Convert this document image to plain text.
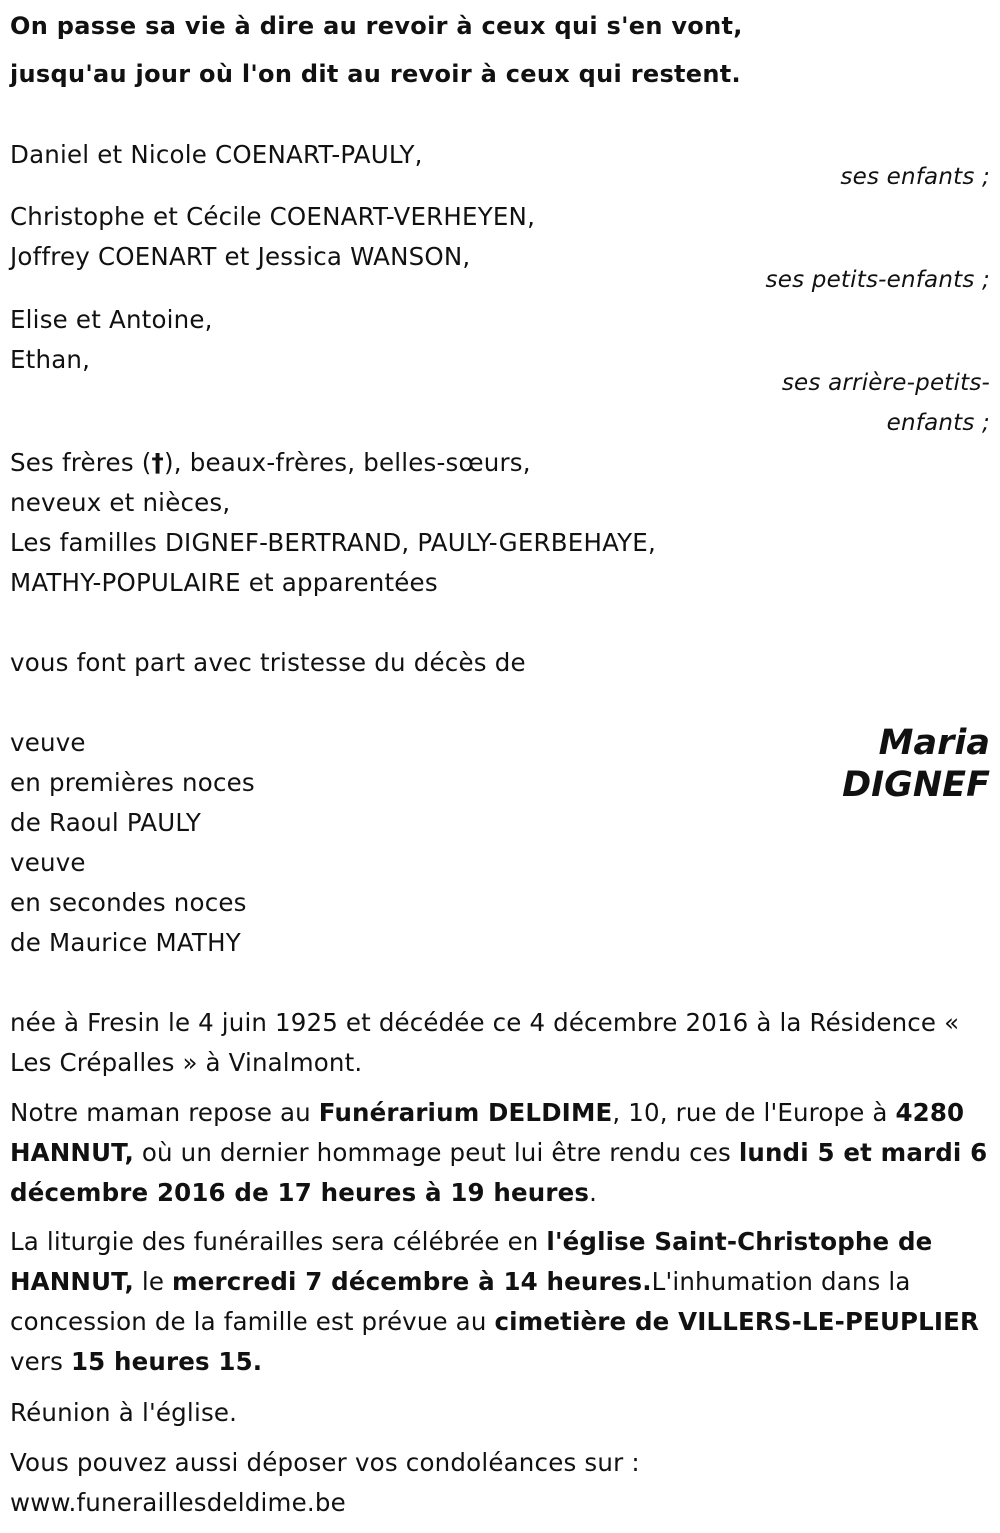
On passe sa vie à dire au revoir à ceux qui s'en vont,
jusqu'au jour où l'on dit au revoir à ceux qui restent.
Daniel et Nicole COENART-PAULY,
ses enfants ;
Christophe et Cécile COENART-VERHEYEN,
Joffrey COENART et Jessica WANSON,
ses petits-enfants ;
Elise et Antoine,
Ethan,
ses arrière-petits-
enfants ;
Ses frères (†), beaux-frères, belles-sœurs,
neveux et nièces,
Les familles DIGNEF-BERTRAND, PAULY-GERBEHAYE,
MATHY-POPULAIRE et apparentées
vous font part avec tristesse du décès de
Maria
DIGNEF
veuve
en premières noces
de Raoul PAULY
veuve
en secondes noces
de Maurice MATHY
née à Fresin le 4 juin 1925 et décédée ce 4 décembre 2016 à la Résidence « Les Crépalles » à Vinalmont.
Notre maman repose au Funérarium DELDIME, 10, rue de l'Europe à 4280 HANNUT, où un dernier hommage peut lui être rendu ces lundi 5 et mardi 6 décembre 2016 de 17 heures à 19 heures.
La liturgie des funérailles sera célébrée en l'église Saint-Christophe de HANNUT, le mercredi 7 décembre à 14 heures.L'inhumation dans la concession de la famille est prévue au cimetière de VILLERS-LE-PEUPLIER vers 15 heures 15.
Réunion à l'église.
Vous pouvez aussi déposer vos condoléances sur :
www.funeraillesdeldime.be
